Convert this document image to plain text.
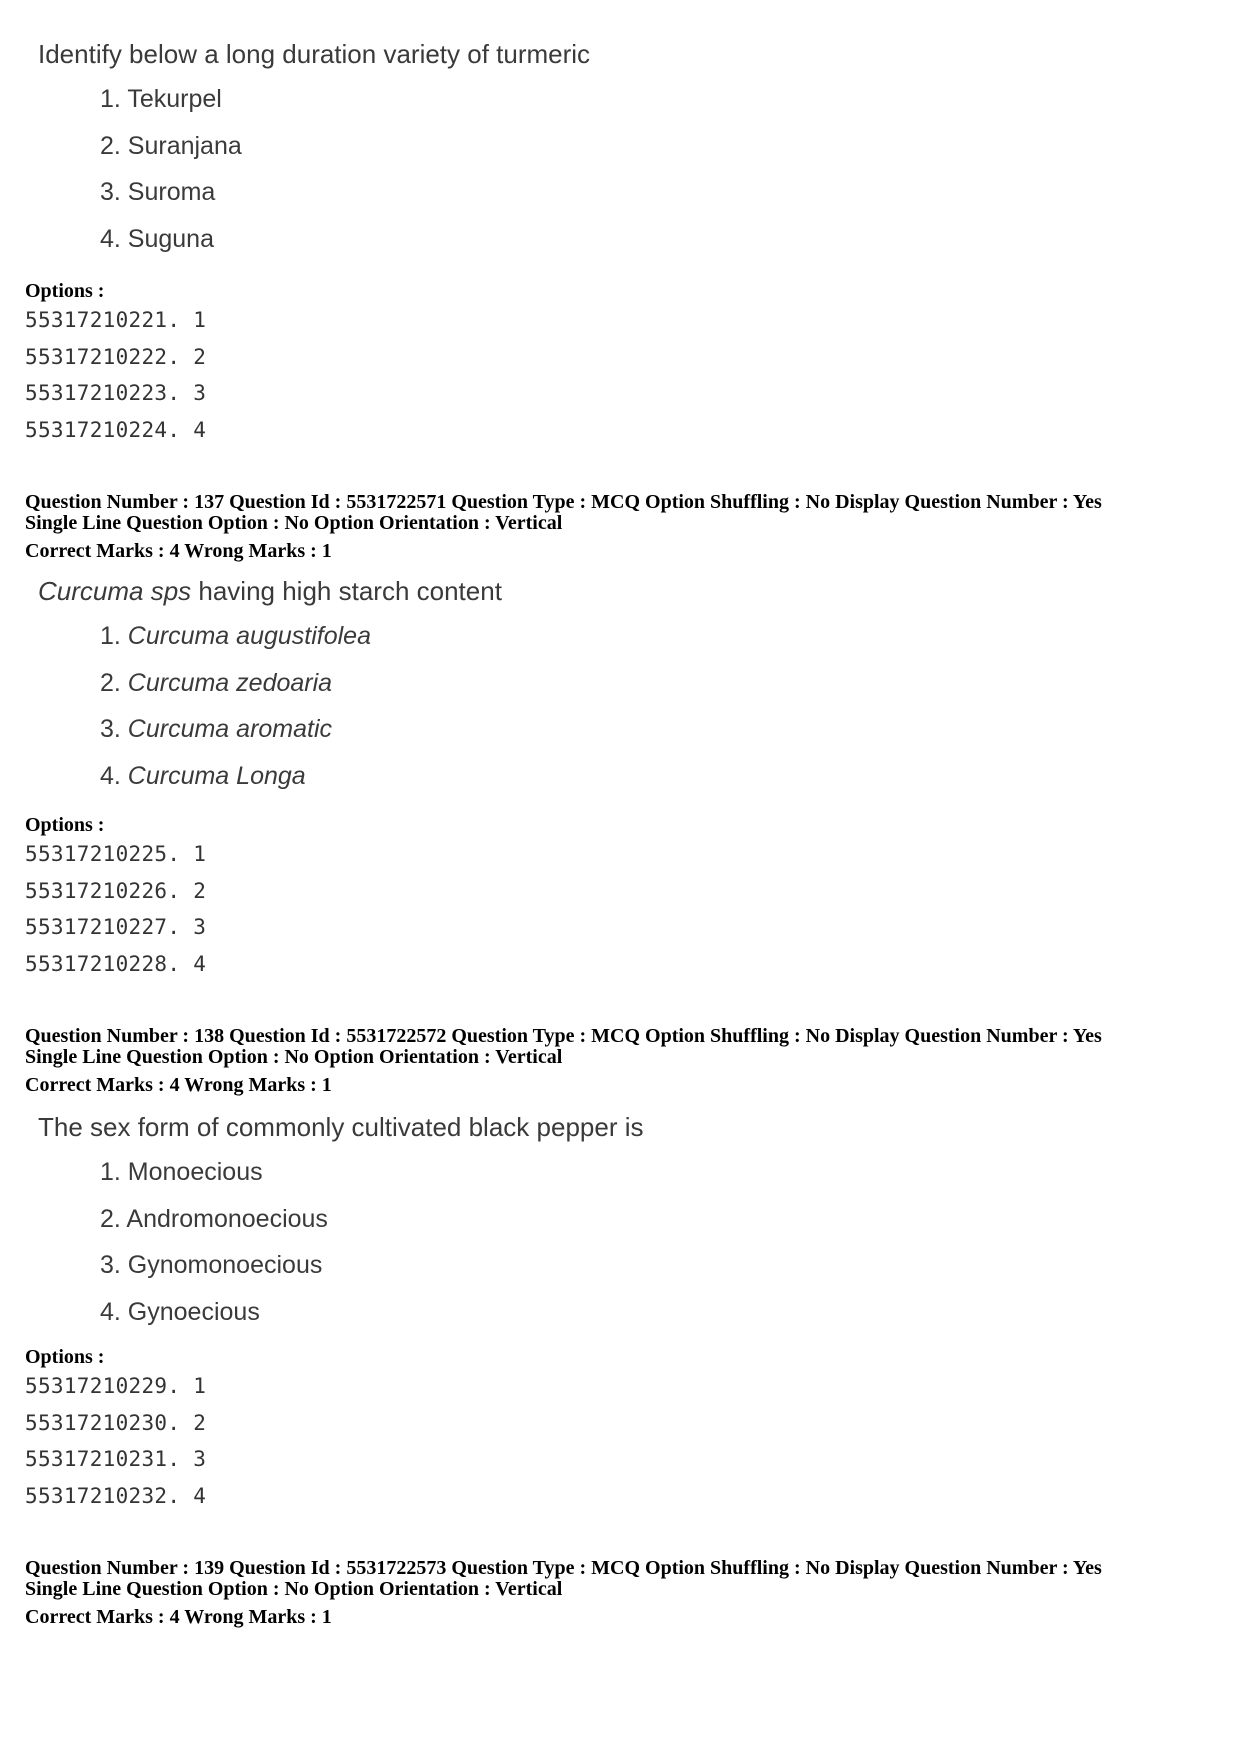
Identify below a long duration variety of turmeric
1. Tekurpel
2. Suranjana
3. Suroma
4. Suguna
Options :
55317210221. 1
55317210222. 2
55317210223. 3
55317210224. 4
Question Number : 137 Question Id : 5531722571 Question Type : MCQ Option Shuffling : No Display Question Number : Yes
Single Line Question Option : No Option Orientation : Vertical
Correct Marks : 4 Wrong Marks : 1
Curcuma sps having high starch content
1. Curcuma augustifolea
2. Curcuma zedoaria
3. Curcuma aromatic
4. Curcuma Longa
Options :
55317210225. 1
55317210226. 2
55317210227. 3
55317210228. 4
Question Number : 138 Question Id : 5531722572 Question Type : MCQ Option Shuffling : No Display Question Number : Yes
Single Line Question Option : No Option Orientation : Vertical
Correct Marks : 4 Wrong Marks : 1
The sex form of commonly cultivated black pepper is
1. Monoecious
2. Andromonoecious
3. Gynomonoecious
4. Gynoecious
Options :
55317210229. 1
55317210230. 2
55317210231. 3
55317210232. 4
Question Number : 139 Question Id : 5531722573 Question Type : MCQ Option Shuffling : No Display Question Number : Yes
Single Line Question Option : No Option Orientation : Vertical
Correct Marks : 4 Wrong Marks : 1
